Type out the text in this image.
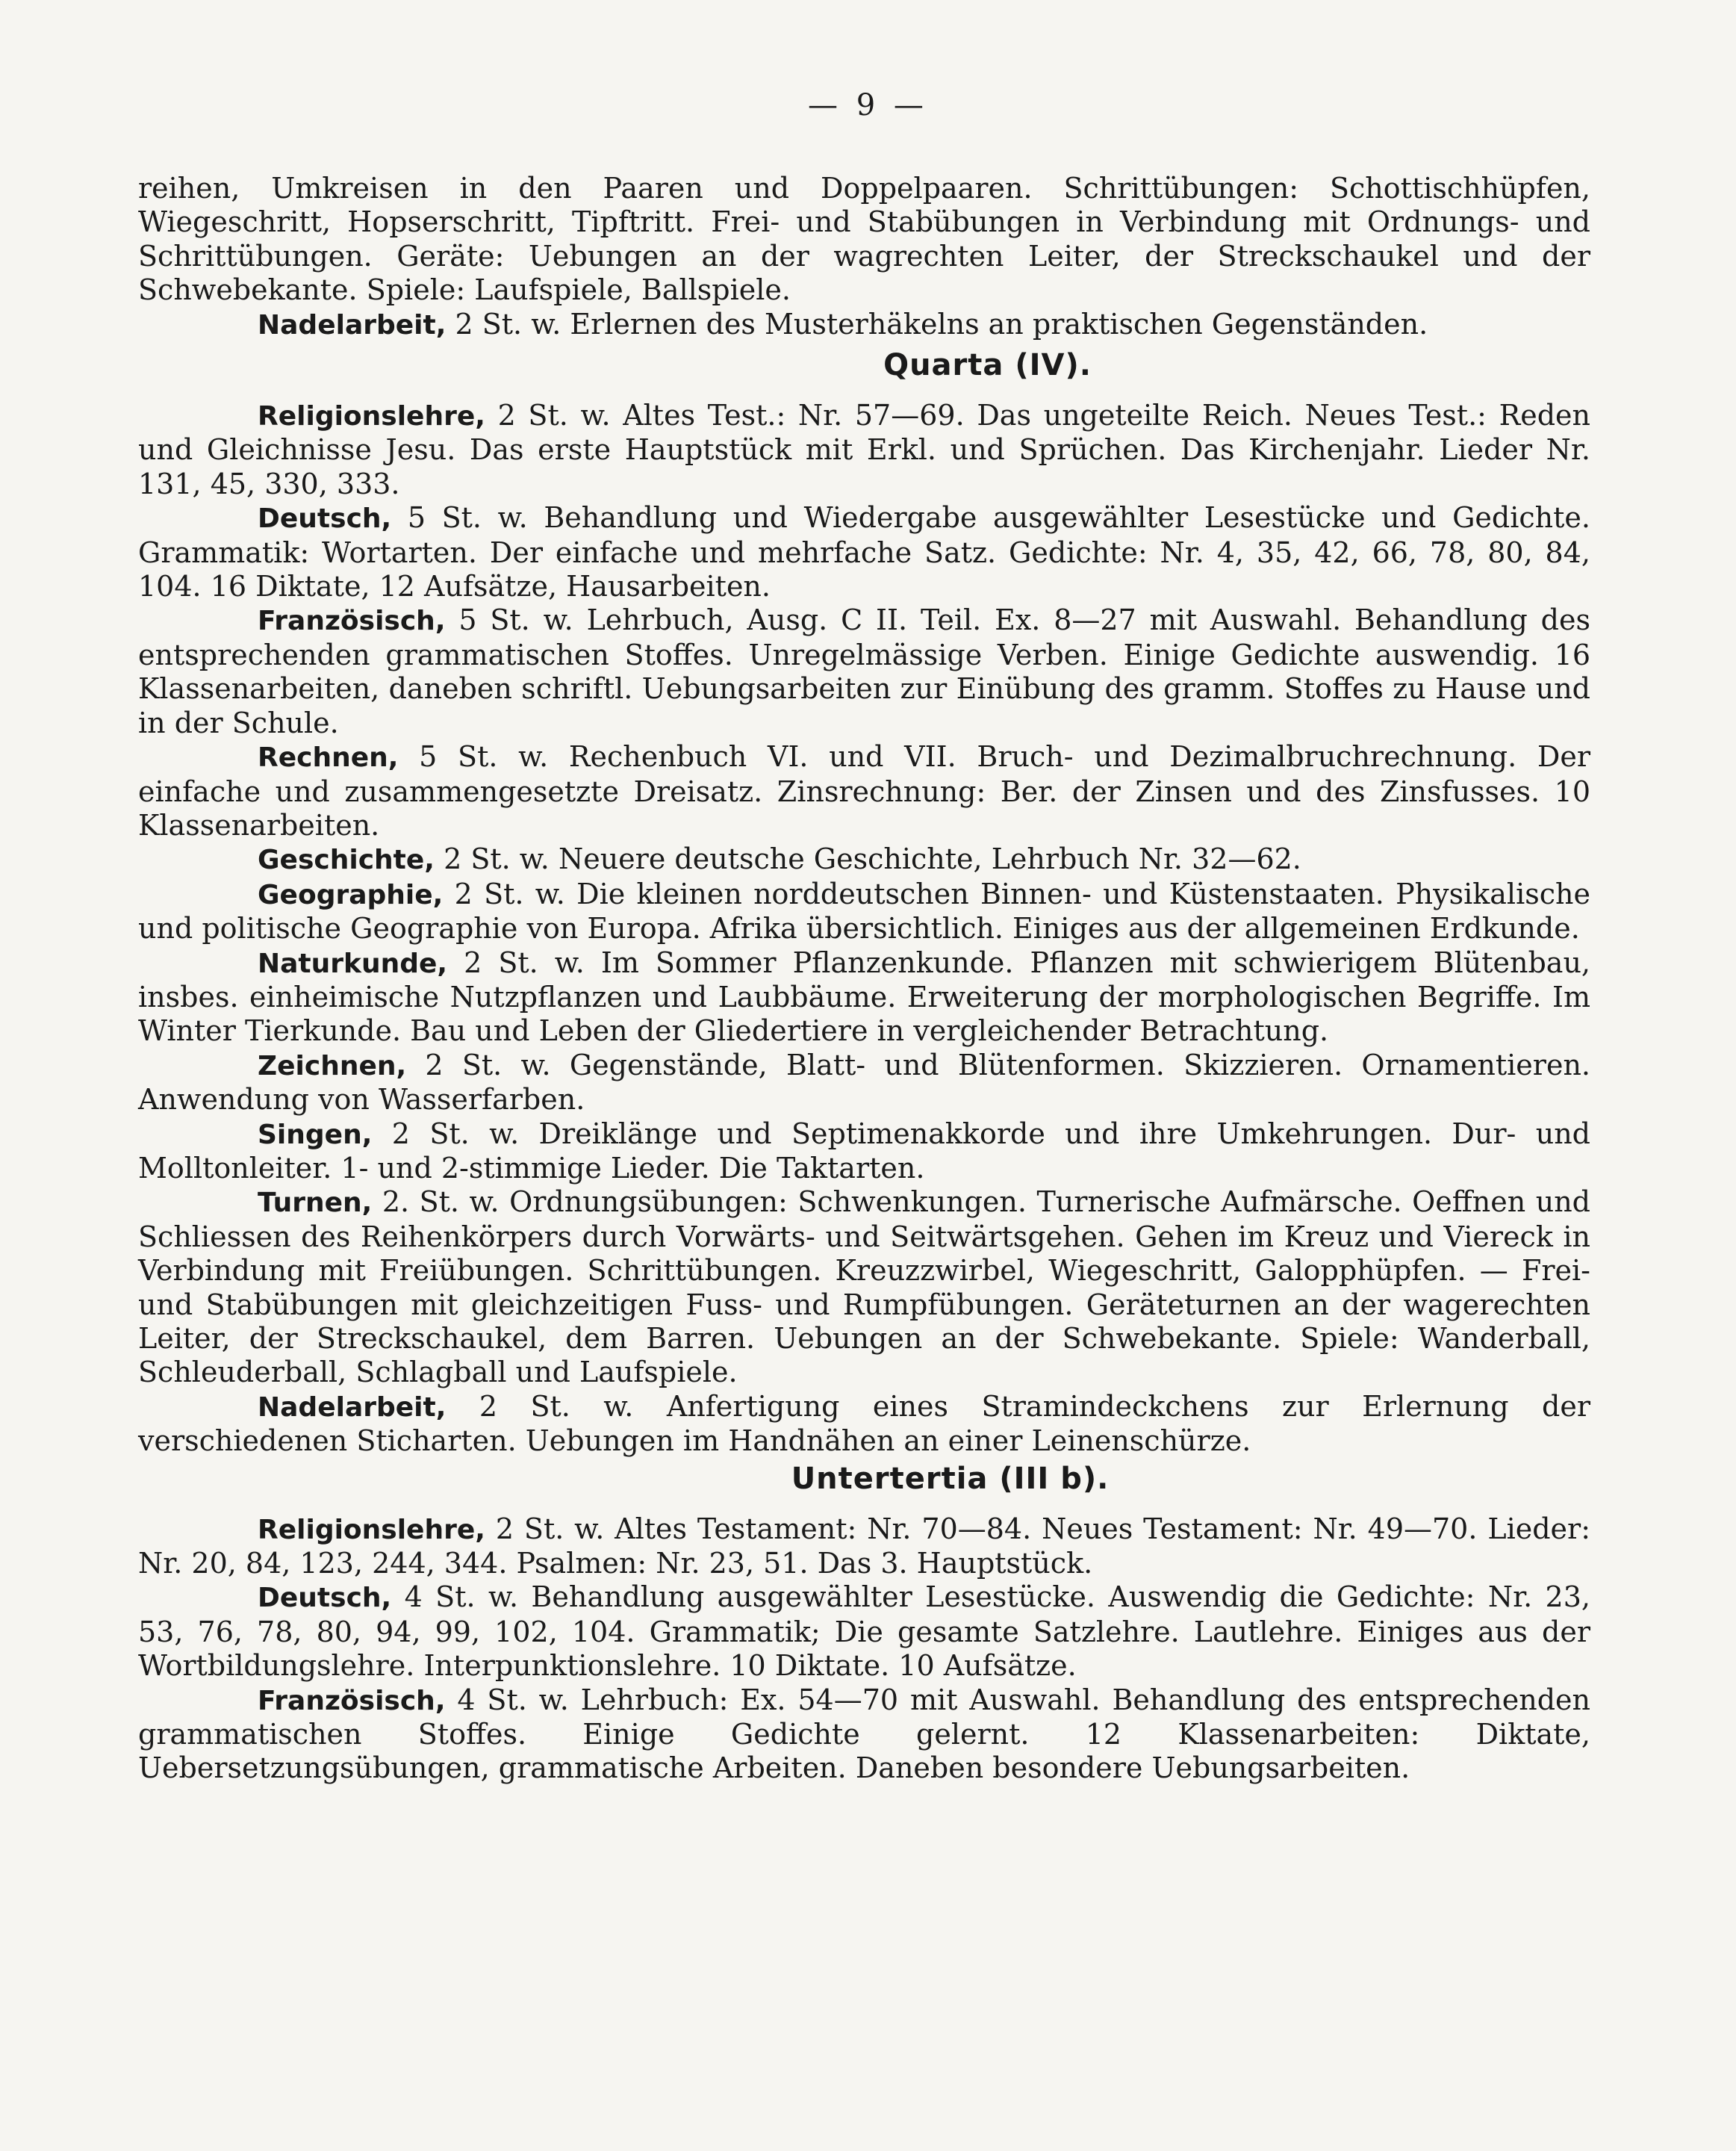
— 9 —

reihen, Umkreisen in den Paaren und Doppelpaaren. Schrittübungen: Schottischhüpfen, Wiegeschritt, Hopserschritt, Tipftritt. Frei- und Stabübungen in Verbindung mit Ordnungs- und Schrittübungen. Geräte: Uebungen an der wagrechten Leiter, der Streckschaukel und der Schwebekante. Spiele: Laufspiele, Ballspiele.

Nadelarbeit, 2 St. w. Erlernen des Musterhäkelns an praktischen Gegenständen.

Quarta (IV).

Religionslehre, 2 St. w. Altes Test.: Nr. 57—69. Das ungeteilte Reich. Neues Test.: Reden und Gleichnisse Jesu. Das erste Hauptstück mit Erkl. und Sprüchen. Das Kirchenjahr. Lieder Nr. 131, 45, 330, 333.

Deutsch, 5 St. w. Behandlung und Wiedergabe ausgewählter Lesestücke und Gedichte. Grammatik: Wortarten. Der einfache und mehrfache Satz. Gedichte: Nr. 4, 35, 42, 66, 78, 80, 84, 104. 16 Diktate, 12 Aufsätze, Hausarbeiten.

Französisch, 5 St. w. Lehrbuch, Ausg. C II. Teil. Ex. 8—27 mit Auswahl. Behandlung des entsprechenden grammatischen Stoffes. Unregelmässige Verben. Einige Gedichte auswendig. 16 Klassenarbeiten, daneben schriftl. Uebungsarbeiten zur Einübung des gramm. Stoffes zu Hause und in der Schule.

Rechnen, 5 St. w. Rechenbuch VI. und VII. Bruch- und Dezimalbruchrechnung. Der einfache und zusammengesetzte Dreisatz. Zinsrechnung: Ber. der Zinsen und des Zinsfusses. 10 Klassenarbeiten.

Geschichte, 2 St. w. Neuere deutsche Geschichte, Lehrbuch Nr. 32—62.

Geographie, 2 St. w. Die kleinen norddeutschen Binnen- und Küstenstaaten. Physikalische und politische Geographie von Europa. Afrika übersichtlich. Einiges aus der allgemeinen Erdkunde.

Naturkunde, 2 St. w. Im Sommer Pflanzenkunde. Pflanzen mit schwierigem Blütenbau, insbes. einheimische Nutzpflanzen und Laubbäume. Erweiterung der morphologischen Begriffe. Im Winter Tierkunde. Bau und Leben der Gliedertiere in vergleichender Betrachtung.

Zeichnen, 2 St. w. Gegenstände, Blatt- und Blütenformen. Skizzieren. Ornamentieren. Anwendung von Wasserfarben.

Singen, 2 St. w. Dreiklänge und Septimenakkorde und ihre Umkehrungen. Dur- und Molltonleiter. 1- und 2-stimmige Lieder. Die Taktarten.

Turnen, 2. St. w. Ordnungsübungen: Schwenkungen. Turnerische Aufmärsche. Oeffnen und Schliessen des Reihenkörpers durch Vorwärts- und Seitwärtsgehen. Gehen im Kreuz und Viereck in Verbindung mit Freiübungen. Schrittübungen. Kreuzzwirbel, Wiegeschritt, Galopphüpfen. — Frei- und Stabübungen mit gleichzeitigen Fuss- und Rumpfübungen. Geräteturnen an der wagerechten Leiter, der Streckschaukel, dem Barren. Uebungen an der Schwebekante. Spiele: Wanderball, Schleuderball, Schlagball und Laufspiele.

Nadelarbeit, 2 St. w. Anfertigung eines Stramindeckchens zur Erlernung der verschiedenen Sticharten. Uebungen im Handnähen an einer Leinenschürze.

Untertertia (III b).

Religionslehre, 2 St. w. Altes Testament: Nr. 70—84. Neues Testament: Nr. 49—70. Lieder: Nr. 20, 84, 123, 244, 344. Psalmen: Nr. 23, 51. Das 3. Hauptstück.

Deutsch, 4 St. w. Behandlung ausgewählter Lesestücke. Auswendig die Gedichte: Nr. 23, 53, 76, 78, 80, 94, 99, 102, 104. Grammatik; Die gesamte Satzlehre. Lautlehre. Einiges aus der Wortbildungslehre. Interpunktionslehre. 10 Diktate. 10 Aufsätze.

Französisch, 4 St. w. Lehrbuch: Ex. 54—70 mit Auswahl. Behandlung des entsprechenden grammatischen Stoffes. Einige Gedichte gelernt. 12 Klassenarbeiten: Diktate, Uebersetzungsübungen, grammatische Arbeiten. Daneben besondere Uebungsarbeiten.
